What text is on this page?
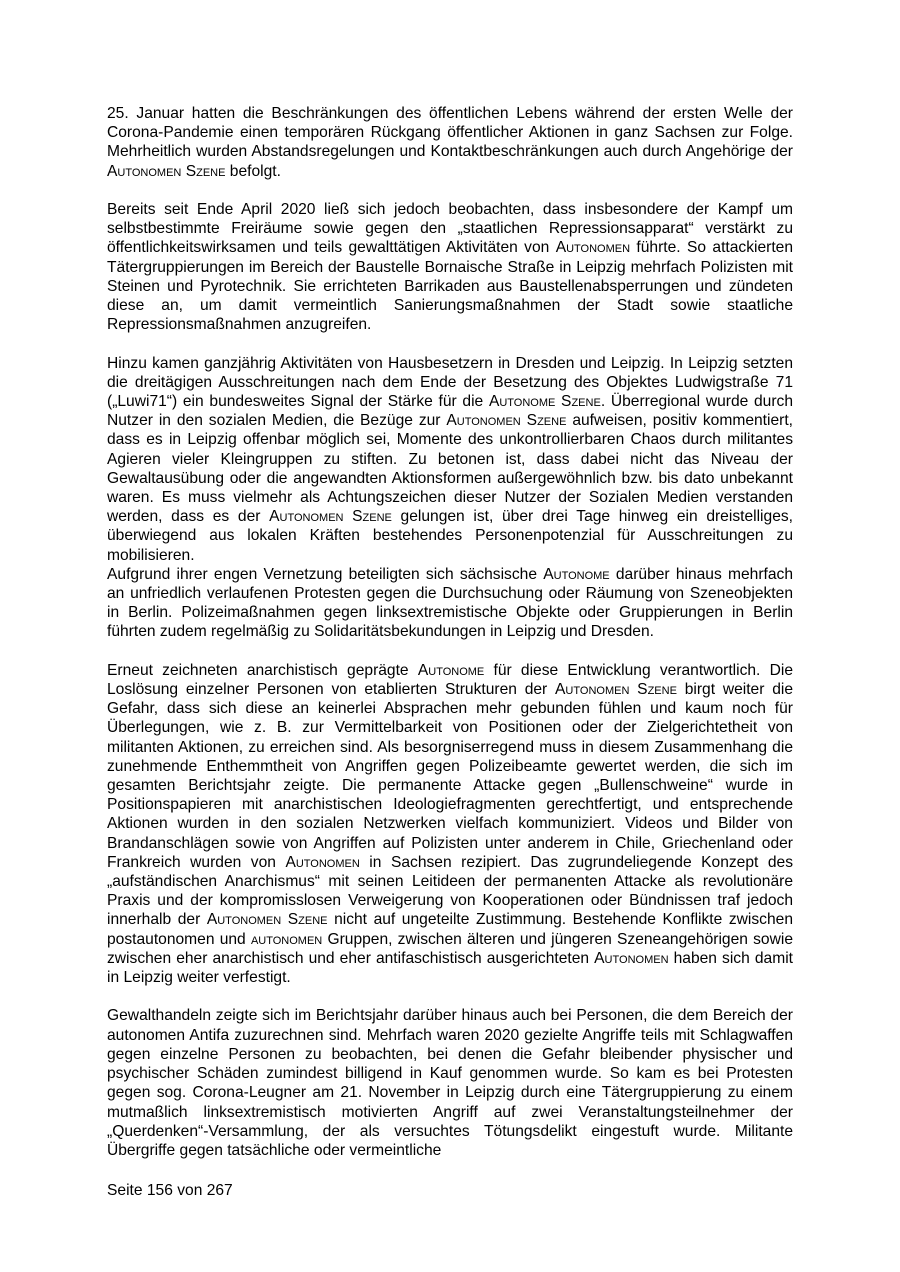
25. Januar hatten die Beschränkungen des öffentlichen Lebens während der ersten Welle der Corona-Pandemie einen temporären Rückgang öffentlicher Aktionen in ganz Sachsen zur Folge. Mehrheitlich wurden Abstandsregelungen und Kontaktbeschränkungen auch durch Angehörige der Autonomen Szene befolgt.

Bereits seit Ende April 2020 ließ sich jedoch beobachten, dass insbesondere der Kampf um selbstbestimmte Freiräume sowie gegen den „staatlichen Repressionsapparat“ verstärkt zu öffentlichkeitswirksamen und teils gewalttätigen Aktivitäten von Autonomen führte. So attackierten Tätergruppierungen im Bereich der Baustelle Bornaische Straße in Leipzig mehrfach Polizisten mit Steinen und Pyrotechnik. Sie errichteten Barrikaden aus Baustellenabsperrungen und zündeten diese an, um damit vermeintlich Sanierungsmaßnahmen der Stadt sowie staatliche Repressionsmaßnahmen anzugreifen.

Hinzu kamen ganzjährig Aktivitäten von Hausbesetzern in Dresden und Leipzig. In Leipzig setzten die dreitägigen Ausschreitungen nach dem Ende der Besetzung des Objektes Ludwigstraße 71 („Luwi71“) ein bundesweites Signal der Stärke für die Autonome Szene. Überregional wurde durch Nutzer in den sozialen Medien, die Bezüge zur Autonomen Szene aufweisen, positiv kommentiert, dass es in Leipzig offenbar möglich sei, Momente des unkontrollierbaren Chaos durch militantes Agieren vieler Kleingruppen zu stiften. Zu betonen ist, dass dabei nicht das Niveau der Gewaltausübung oder die angewandten Aktionsformen außergewöhnlich bzw. bis dato unbekannt waren. Es muss vielmehr als Achtungszeichen dieser Nutzer der Sozialen Medien verstanden werden, dass es der Autonomen Szene gelungen ist, über drei Tage hinweg ein dreistelliges, überwiegend aus lokalen Kräften bestehendes Personenpotenzial für Ausschreitungen zu mobilisieren.

Aufgrund ihrer engen Vernetzung beteiligten sich sächsische Autonome darüber hinaus mehrfach an unfriedlich verlaufenen Protesten gegen die Durchsuchung oder Räumung von Szeneobjekten in Berlin. Polizeimaßnahmen gegen linksextremistische Objekte oder Gruppierungen in Berlin führten zudem regelmäßig zu Solidaritätsbekundungen in Leipzig und Dresden.

Erneut zeichneten anarchistisch geprägte Autonome für diese Entwicklung verantwortlich. Die Loslösung einzelner Personen von etablierten Strukturen der Autonomen Szene birgt weiter die Gefahr, dass sich diese an keinerlei Absprachen mehr gebunden fühlen und kaum noch für Überlegungen, wie z. B. zur Vermittelbarkeit von Positionen oder der Zielgerichtetheit von militanten Aktionen, zu erreichen sind. Als besorgniserregend muss in diesem Zusammenhang die zunehmende Enthemmtheit von Angriffen gegen Polizeibeamte gewertet werden, die sich im gesamten Berichtsjahr zeigte. Die permanente Attacke gegen „Bullenschweine“ wurde in Positionspapieren mit anarchistischen Ideologiefragmenten gerechtfertigt, und entsprechende Aktionen wurden in den sozialen Netzwerken vielfach kommuniziert. Videos und Bilder von Brandanschlägen sowie von Angriffen auf Polizisten unter anderem in Chile, Griechenland oder Frankreich wurden von Autonomen in Sachsen rezipiert. Das zugrundeliegende Konzept des „aufständischen Anarchismus“ mit seinen Leitideen der permanenten Attacke als revolutionäre Praxis und der kompromisslosen Verweigerung von Kooperationen oder Bündnissen traf jedoch innerhalb der Autonomen Szene nicht auf ungeteilte Zustimmung. Bestehende Konflikte zwischen postautonomen und autonomen Gruppen, zwischen älteren und jüngeren Szeneangehörigen sowie zwischen eher anarchistisch und eher antifaschistisch ausgerichteten Autonomen haben sich damit in Leipzig weiter verfestigt.

Gewalthandeln zeigte sich im Berichtsjahr darüber hinaus auch bei Personen, die dem Bereich der autonomen Antifa zuzurechnen sind. Mehrfach waren 2020 gezielte Angriffe teils mit Schlagwaffen gegen einzelne Personen zu beobachten, bei denen die Gefahr bleibender physischer und psychischer Schäden zumindest billigend in Kauf genommen wurde. So kam es bei Protesten gegen sog. Corona-Leugner am 21. November in Leipzig durch eine Tätergruppierung zu einem mutmaßlich linksextremistisch motivierten Angriff auf zwei Veranstaltungsteilnehmer der „Querdenken“-Versammlung, der als versuchtes Tötungsdelikt eingestuft wurde. Militante Übergriffe gegen tatsächliche oder vermeintliche

Seite 156 von 267
